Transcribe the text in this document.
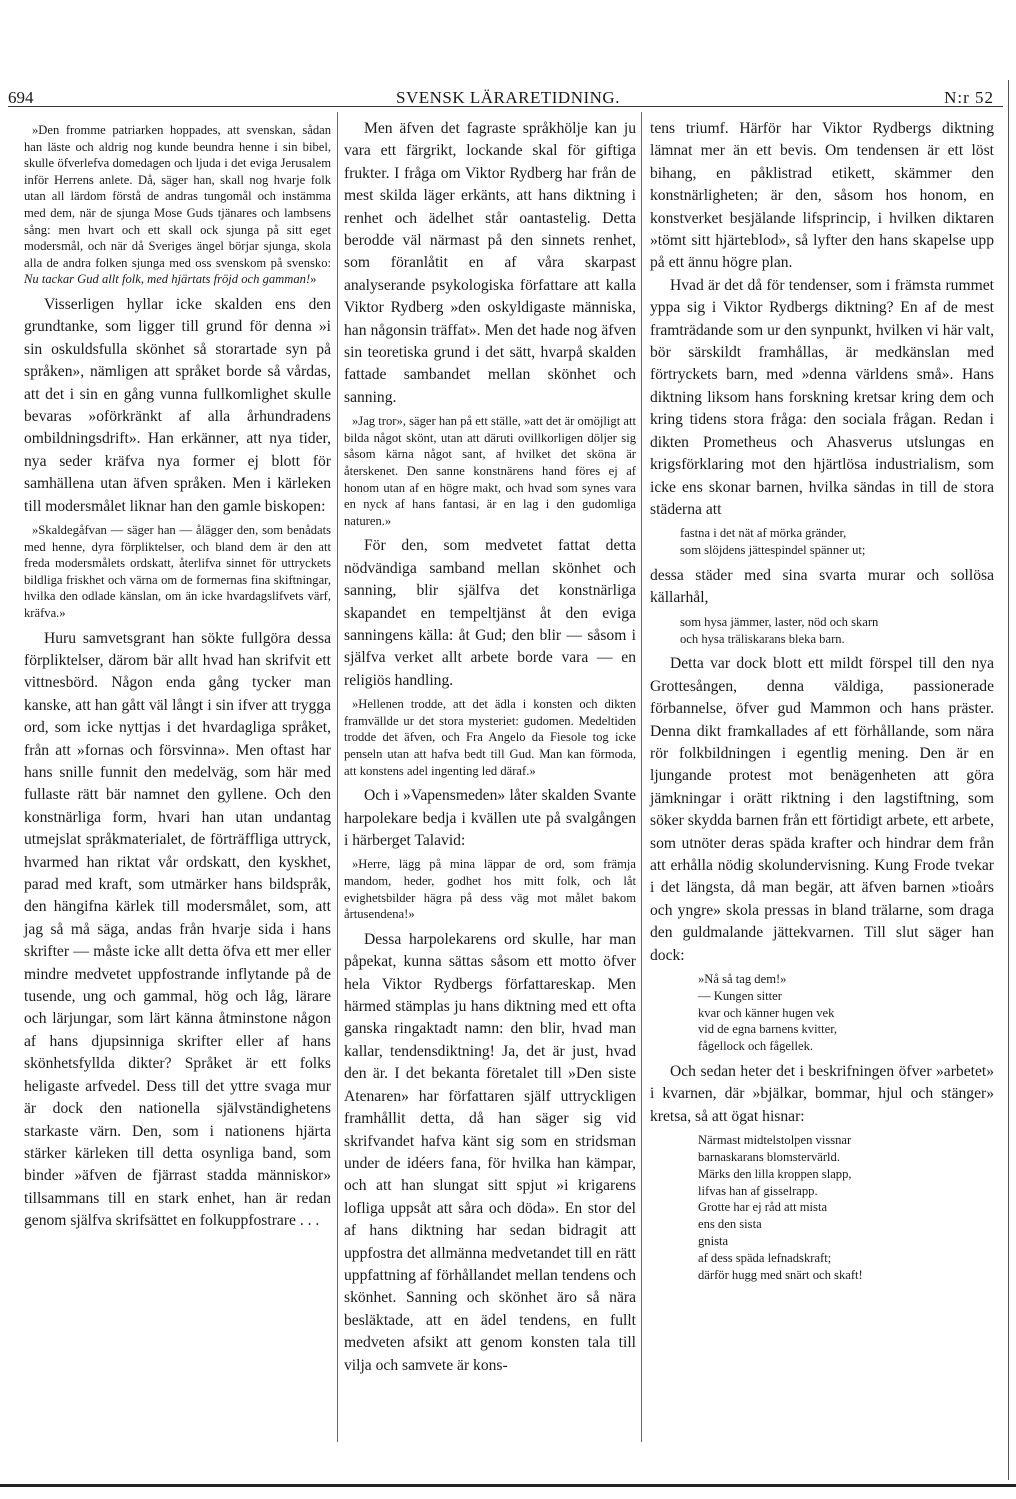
694	SVENSK LÄRARETIDNING.	N:r 52
»Den fromme patriarken hoppades, att svenskan, sådan han läste och aldrig nog kunde beundra henne i sin bibel, skulle öfverlefva domedagen och ljuda i det eviga Jerusalem inför Herrens anlete. Då, säger han, skall nog hvarje folk utan all lärdom förstå de andras tungomål och instämma med dem, när de sjunga Mose Guds tjänares och lambsens sång: men hvart och ett skall ock sjunga på sitt eget modersmål, och när då Sveriges ängel börjar sjunga, skola alla de andra folken sjunga med oss svenskom på svensko: Nu tackar Gud allt folk, med hjärtats fröjd och gamman!»

Visserligen hyllar icke skalden ens den grundtanke, som ligger till grund för denna »i sin oskuldsfulla skönhet så storartade syn på språken», nämligen att språket borde så vårdas, att det i sin en gång vunna fullkomlighet skulle bevaras »oförkränkt af alla århundradens ombildningsdrift». Han erkänner, att nya tider, nya seder kräfva nya former ej blott för samhällena utan äfven språken. Men i kärleken till modersmålet liknar han den gamle biskopen:

»Skaldegåfvan — säger han — ålägger den, som benådats med henne, dyra förpliktelser, och bland dem är den att freda modersmålets ordskatt, återlifva sinnet för uttryckets bildliga friskhet och värna om de formernas fina skiftningar, hvilka den odlade känslan, om än icke hvardagslifvets värf, kräfva.»

Huru samvetsgrant han sökte fullgöra dessa förpliktelser, därom bär allt hvad han skrifvit ett vittnesbörd. Någon enda gång tycker man kanske, att han gått väl långt i sin ifver att trygga ord, som icke nyttjas i det hvardagliga språket, från att »fornas och försvinna». Men oftast har hans snille funnit den medelväg, som här med fullaste rätt bär namnet den gyllene. Och den konstnärliga form, hvari han utan undantag utmejslat språkmaterialet, de förträffliga uttryck, hvarmed han riktat vår ordskatt, den kyskhet, parad med kraft, som utmärker hans bildspråk, den hängifna kärlek till modersmålet, som, att jag så må säga, andas från hvarje sida i hans skrifter — måste icke allt detta öfva ett mer eller mindre medvetet uppfostrande inflytande på de tusende, ung och gammal, hög och låg, lärare och lärjungar, som lärt känna åtminstone någon af hans djupsinniga skrifter eller af hans skönhetsfyllda dikter? Språket är ett folks heligaste arfvedel. Dess till det yttre svaga mur är dock den nationella självständighetens starkaste värn. Den, som i nationens hjärta stärker kärleken till detta osynliga band, som binder »äfven de fjärrast stadda människor» tillsammans till en stark enhet, han är redan genom själfva skrifsättet en folkuppfostrare . . .

Men äfven det fagraste språkhölje kan ju vara ett färgrikt, lockande skal för giftiga frukter. I fråga om Viktor Rydberg har från de mest skilda läger erkänts, att hans diktning i renhet och ädelhet står oantastelig. Detta berodde väl närmast på den sinnets renhet, som föranlåtit en af våra skarpast analyserande psykologiska författare att kalla Viktor Rydberg »den oskyldigaste människa, han någonsin träffat». Men det hade nog äfven sin teoretiska grund i det sätt, hvarpå skalden fattade sambandet mellan skönhet och sanning.

»Jag tror», säger han på ett ställe, »att det är omöjligt att bilda något skönt, utan att däruti ovillkorligen döljer sig såsom kärna något sant, af hvilket det sköna är återskenet. Den sanne konstnärens hand föres ej af honom utan af en högre makt, och hvad som synes vara en nyck af hans fantasi, är en lag i den gudomliga naturen.»

För den, som medvetet fattat detta nödvändiga samband mellan skönhet och sanning, blir själfva det konstnärliga skapandet en tempeltjänst åt den eviga sanningens källa: åt Gud; den blir — såsom i själfva verket allt arbete borde vara — en religiös handling.

»Hellenen trodde, att det ädla i konsten och dikten framvällde ur det stora mysteriet: gudomen. Medeltiden trodde det äfven, och Fra Angelo da Fiesole tog icke penseln utan att hafva bedt till Gud. Man kan förmoda, att konstens adel ingenting led däraf.»

Och i »Vapensmeden» låter skalden Svante harpolekare bedja i kvällen ute på svalgången i härberget Talavid:

»Herre, lägg på mina läppar de ord, som främja mandom, heder, godhet hos mitt folk, och låt evighetsbilder hägra på dess väg mot målet bakom årtusendena!»

Dessa harpolekarens ord skulle, har man påpekat, kunna sättas såsom ett motto öfver hela Viktor Rydbergs författareskap. Men härmed stämplas ju hans diktning med ett ofta ganska ringaktadt namn: den blir, hvad man kallar, tendensdiktning! Ja, det är just, hvad den är. I det bekanta företalet till »Den siste Atenaren» har författaren själf uttryckligen framhållit detta, då han säger sig vid skrifvandet hafva känt sig som en stridsman under de idéers fana, för hvilka han kämpar, och att han slungat sitt spjut »i krigarens lofliga uppsåt att såra och döda». En stor del af hans diktning har sedan bidragit att uppfostra det allmänna medvetandet till en rätt uppfattning af förhållandet mellan tendens och skönhet. Sanning och skönhet äro så nära besläktade, att en ädel tendens, en fullt medveten afsikt att genom konsten tala till vilja och samvete är kons-

tens triumf. Härför har Viktor Rydbergs diktning lämnat mer än ett bevis. Om tendensen är ett löst bihang, en påklistrad etikett, skämmer den konstnärligheten; är den, såsom hos honom, en konstverket besjälande lifsprincip, i hvilken diktaren »tömt sitt hjärteblod», så lyfter den hans skapelse upp på ett ännu högre plan.

Hvad är det då för tendenser, som i främsta rummet yppa sig i Viktor Rydbergs diktning? En af de mest framträdande som ur den synpunkt, hvilken vi här valt, bör särskildt framhållas, är medkänslan med förtryckets barn, med »denna världens små». Hans diktning liksom hans forskning kretsar kring dem och kring tidens stora fråga: den sociala frågan. Redan i dikten Prometheus och Ahasverus utslungas en krigsförklaring mot den hjärtlösa industrialism, som icke ens skonar barnen, hvilka sändas in till de stora städerna att

fastna i det nät af mörka gränder,
som slöjdens jättespindel spänner ut;

dessa städer med sina svarta murar och sollösa källarhål,

som hysa jämmer, laster, nöd och skarn
och hysa träliskarans bleka barn.

Detta var dock blott ett mildt förspel till den nya Grottesången, denna väldiga, passionerade förbannelse, öfver gud Mammon och hans präster. Denna dikt framkallades af ett förhållande, som nära rör folkbildningen i egentlig mening. Den är en ljungande protest mot benägenheten att göra jämkningar i orätt riktning i den lagstiftning, som söker skydda barnen från ett förtidigt arbete, ett arbete, som utnöter deras späda krafter och hindrar dem från att erhålla nödig skolundervisning. Kung Frode tvekar i det längsta, då man begär, att äfven barnen »tioårs och yngre» skola pressas in bland trälarne, som draga den guldmalande jättekvarnen. Till slut säger han dock:

»Nå så tag dem!»
— Kungen sitter
kvar och känner hugen vek
vid de egna barnens kvitter,
fågellock och fågellek.

Och sedan heter det i beskrifningen öfver »arbetet» i kvarnen, där »bjälkar, bommar, hjul och stänger» kretsa, så att ögat hisnar:

Närmast midtelstolpen vissnar
barnaskarans blomstervärld.
Märks den lilla kroppen slapp,
lifvas han af gisselrapp.
Grotte har ej råd att mista
ens den sista
gnista
af dess späda lefnadskraft;
därför hugg med snärt och skaft!
